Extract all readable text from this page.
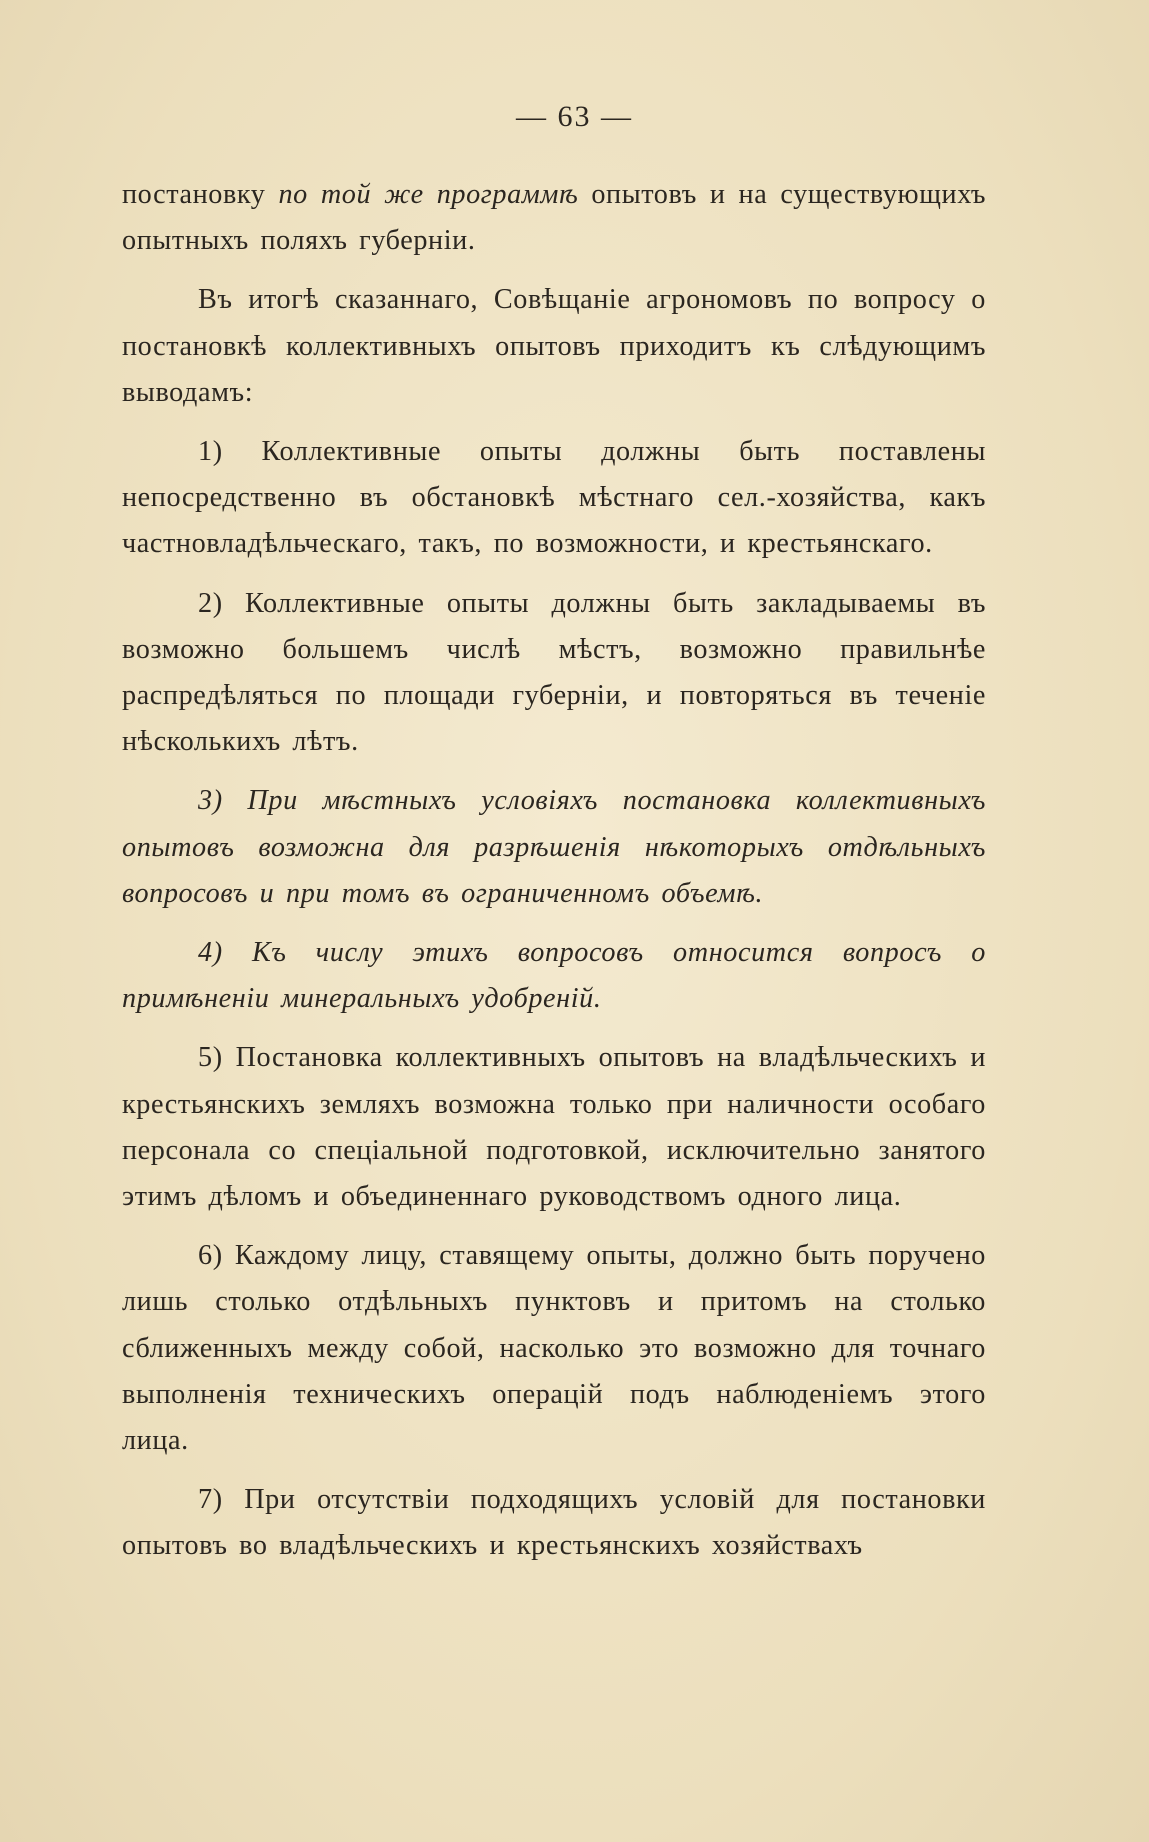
— 63 —

постановку по той же программѣ опытовъ и на существующихъ опытныхъ поляхъ губерніи.

Въ итогѣ сказаннаго, Совѣщаніе агрономовъ по вопросу о постановкѣ коллективныхъ опытовъ приходитъ къ слѣдующимъ выводамъ:

1) Коллективные опыты должны быть поставлены непосредственно въ обстановкѣ мѣстнаго сел.-хозяйства, какъ частновладѣльческаго, такъ, по возможности, и крестьянскаго.

2) Коллективные опыты должны быть закладываемы въ возможно большемъ числѣ мѣстъ, возможно правильнѣе распредѣляться по площади губерніи, и повторяться въ теченіе нѣсколькихъ лѣтъ.

3) При мѣстныхъ условіяхъ постановка коллективныхъ опытовъ возможна для разрѣшенія нѣкоторыхъ отдѣльныхъ вопросовъ и при томъ въ ограниченномъ объемѣ.

4) Къ числу этихъ вопросовъ относится вопросъ о примѣненіи минеральныхъ удобреній.

5) Постановка коллективныхъ опытовъ на владѣльческихъ и крестьянскихъ земляхъ возможна только при наличности особаго персонала со спеціальной подготовкой, исключительно занятого этимъ дѣломъ и объединеннаго руководствомъ одного лица.

6) Каждому лицу, ставящему опыты, должно быть поручено лишь столько отдѣльныхъ пунктовъ и притомъ на столько сближенныхъ между собой, насколько это возможно для точнаго выполненія техническихъ операцій подъ наблюденіемъ этого лица.

7) При отсутствіи подходящихъ условій для постановки опытовъ во владѣльческихъ и крестьянскихъ хозяйствахъ
